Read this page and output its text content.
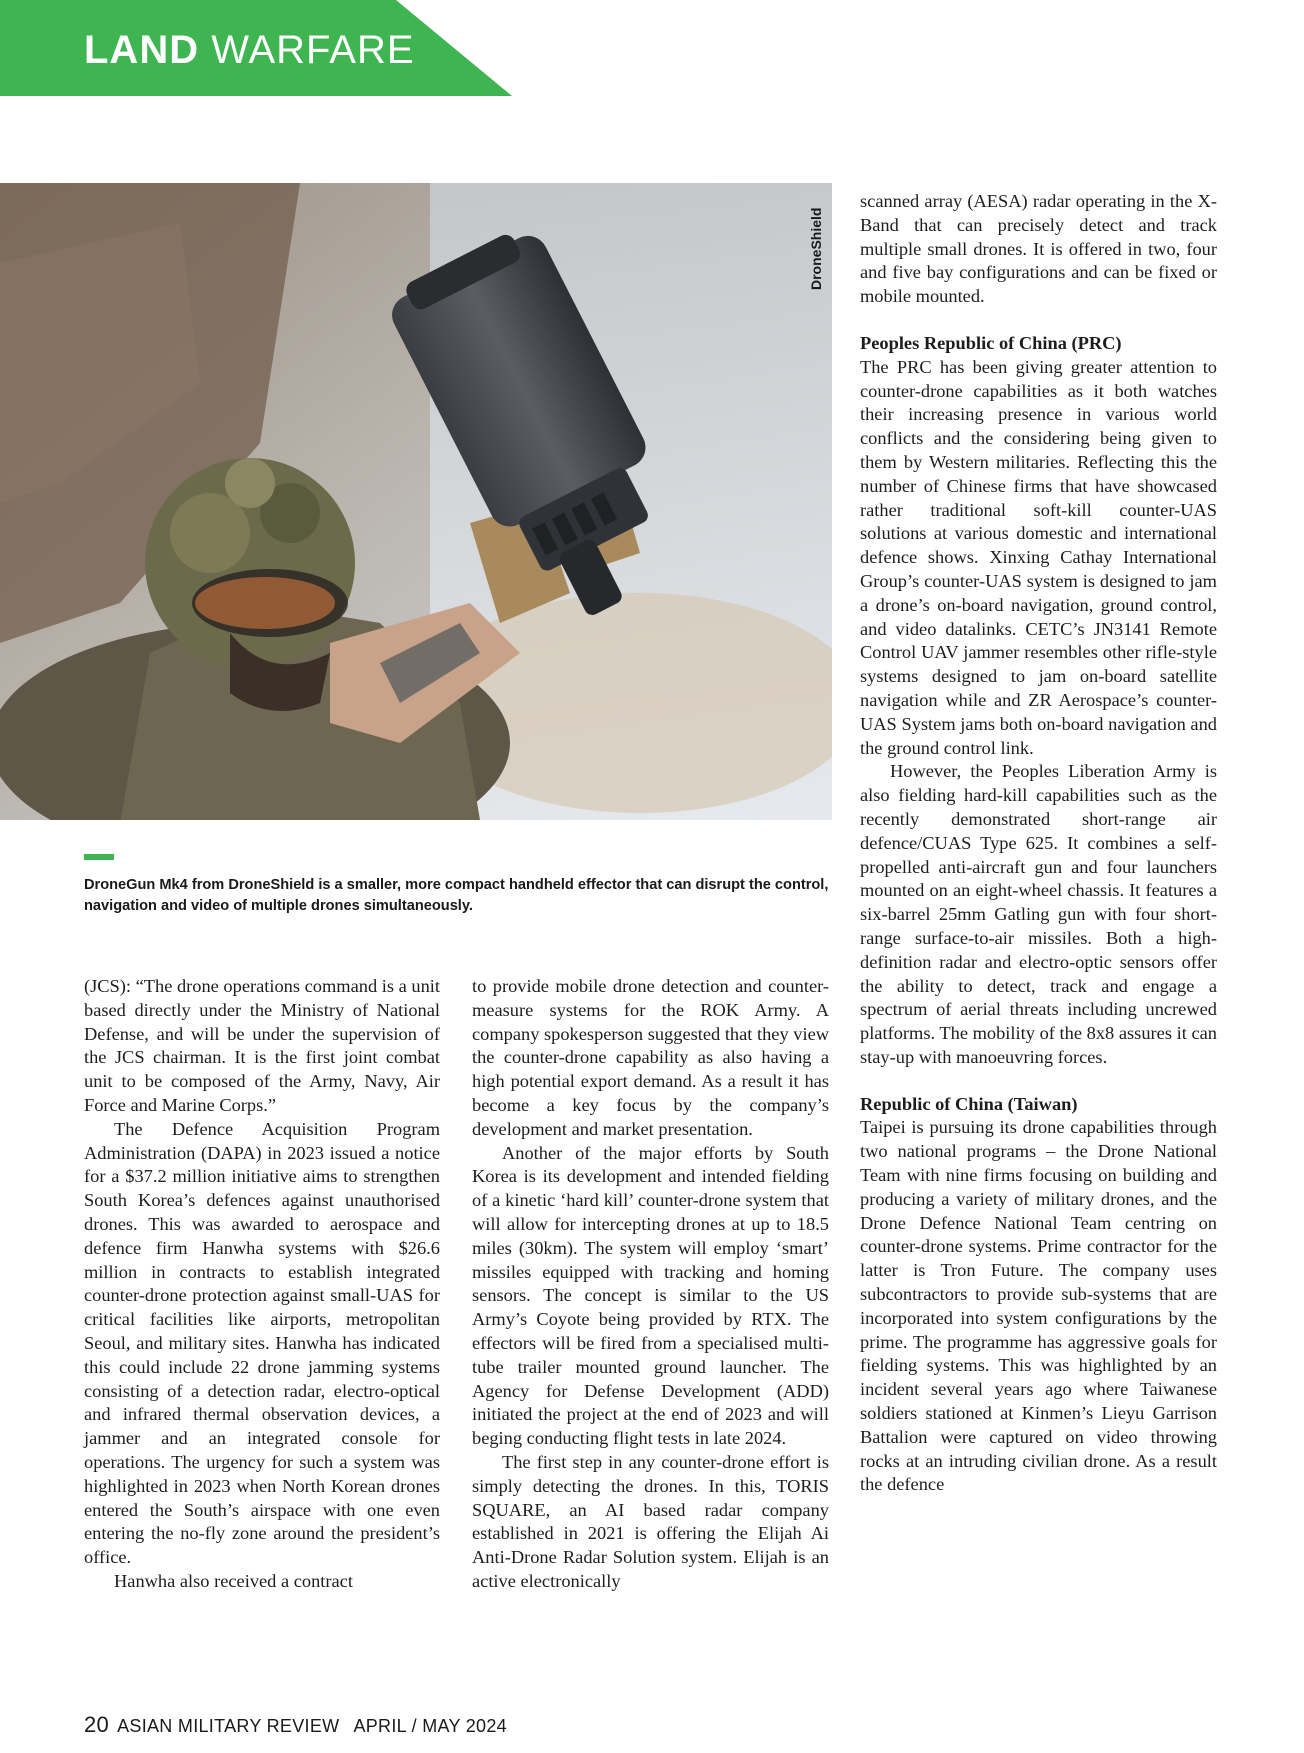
LAND WARFARE
DroneShield
DroneGun Mk4 from DroneShield is a smaller, more compact handheld effector that can disrupt the control, navigation and video of multiple drones simultaneously.

(JCS): “The drone operations command is a unit based directly under the Ministry of National Defense, and will be under the supervision of the JCS chairman. It is the first joint combat unit to be composed of the Army, Navy, Air Force and Marine Corps.”

The Defence Acquisition Program Administration (DAPA) in 2023 issued a notice for a $37.2 million initiative aims to strengthen South Korea’s defences against unauthorised drones. This was awarded to aerospace and defence firm Hanwha systems with $26.6 million in contracts to establish integrated counter-drone protection against small-UAS for critical facilities like airports, metropolitan Seoul, and military sites. Hanwha has indicated this could include 22 drone jamming systems consisting of a detection radar, electro-optical and infrared thermal observation devices, a jammer and an integrated console for operations. The urgency for such a system was highlighted in 2023 when North Korean drones entered the South’s airspace with one even entering the no-fly zone around the president’s office.

Hanwha also received a contract

to provide mobile drone detection and counter-measure systems for the ROK Army. A company spokesperson suggested that they view the counter-drone capability as also having a high potential export demand. As a result it has become a key focus by the company’s development and market presentation.

Another of the major efforts by South Korea is its development and intended fielding of a kinetic ‘hard kill’ counter-drone system that will allow for intercepting drones at up to 18.5 miles (30km). The system will employ ‘smart’ missiles equipped with tracking and homing sensors. The concept is similar to the US Army’s Coyote being provided by RTX. The effectors will be fired from a specialised multi-tube trailer mounted ground launcher. The Agency for Defense Development (ADD) initiated the project at the end of 2023 and will beging conducting flight tests in late 2024.

The first step in any counter-drone effort is simply detecting the drones. In this, TORIS SQUARE, an AI based radar company established in 2021 is offering the Elijah Ai Anti-Drone Radar Solution system. Elijah is an active electronically

scanned array (AESA) radar operating in the X-Band that can precisely detect and track multiple small drones. It is offered in two, four and five bay configurations and can be fixed or mobile mounted.

Peoples Republic of China (PRC)

The PRC has been giving greater attention to counter-drone capabilities as it both watches their increasing presence in various world conflicts and the considering being given to them by Western militaries. Reflecting this the number of Chinese firms that have showcased rather traditional soft-kill counter-UAS solutions at various domestic and international defence shows. Xinxing Cathay International Group’s counter-UAS system is designed to jam a drone’s on-board navigation, ground control, and video datalinks. CETC’s JN3141 Remote Control UAV jammer resembles other rifle-style systems designed to jam on-board satellite navigation while and ZR Aerospace’s counter-UAS System jams both on-board navigation and the ground control link.

However, the Peoples Liberation Army is also fielding hard-kill capabilities such as the recently demonstrated short-range air defence/CUAS Type 625. It combines a self-propelled anti-aircraft gun and four launchers mounted on an eight-wheel chassis. It features a six-barrel 25mm Gatling gun with four short-range surface-to-air missiles. Both a high-definition radar and electro-optic sensors offer the ability to detect, track and engage a spectrum of aerial threats including uncrewed platforms. The mobility of the 8x8 assures it can stay-up with manoeuvring forces.

Republic of China (Taiwan)

Taipei is pursuing its drone capabilities through two national programs – the Drone National Team with nine firms focusing on building and producing a variety of military drones, and the Drone Defence National Team centring on counter-drone systems. Prime contractor for the latter is Tron Future. The company uses subcontractors to provide sub-systems that are incorporated into system configurations by the prime. The programme has aggressive goals for fielding systems. This was highlighted by an incident several years ago where Taiwanese soldiers stationed at Kinmen’s Lieyu Garrison Battalion were captured on video throwing rocks at an intruding civilian drone. As a result the defence

20 ASIAN MILITARY REVIEW APRIL / MAY 2024
